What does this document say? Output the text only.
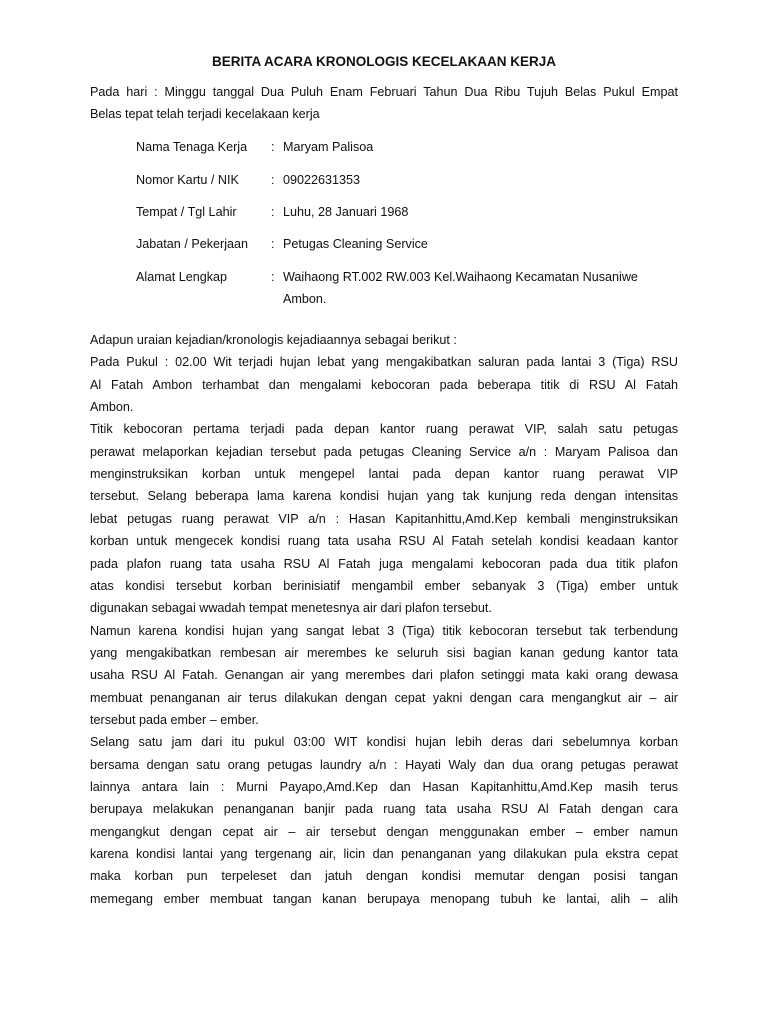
BERITA ACARA KRONOLOGIS KECELAKAAN KERJA
Pada hari : Minggu tanggal Dua Puluh Enam Februari Tahun Dua Ribu Tujuh Belas Pukul Empat
Belas tepat telah terjadi kecelakaan kerja
Nama Tenaga Kerja : Maryam Palisoa
Nomor Kartu / NIK	: 09022631353
Tempat / Tgl Lahir	: Luhu, 28 Januari 1968
Jabatan / Pekerjaan : Petugas Cleaning Service
Alamat Lengkap	: Waihaong RT.002 RW.003 Kel.Waihaong Kecamatan Nusaniwe
Ambon.
Adapun uraian kejadian/kronologis kejadiaannya sebagai berikut :
Pada Pukul : 02.00 Wit terjadi hujan lebat yang mengakibatkan saluran pada lantai 3 (Tiga) RSU
Al Fatah Ambon terhambat dan mengalami kebocoran pada beberapa titik di RSU Al Fatah
Ambon.
Titik kebocoran pertama terjadi pada depan kantor ruang perawat VIP, salah satu petugas
perawat melaporkan kejadian tersebut pada petugas Cleaning Service a/n : Maryam Palisoa dan
menginstruksikan korban untuk mengepel lantai pada depan kantor ruang perawat VIP
tersebut. Selang beberapa lama karena kondisi hujan yang tak kunjung reda dengan intensitas
lebat petugas ruang perawat VIP a/n : Hasan Kapitanhittu,Amd.Kep kembali menginstruksikan
korban untuk mengecek kondisi ruang tata usaha RSU Al Fatah setelah kondisi keadaan kantor
pada plafon ruang tata usaha RSU Al Fatah juga mengalami kebocoran pada dua titik plafon
atas kondisi tersebut korban berinisiatif mengambil ember sebanyak 3 (Tiga) ember untuk
digunakan sebagai wwadah tempat menetesnya air dari plafon tersebut.
Namun karena kondisi hujan yang sangat lebat 3 (Tiga) titik kebocoran tersebut tak terbendung
yang mengakibatkan rembesan air merembes ke seluruh sisi bagian kanan gedung kantor tata
usaha RSU Al Fatah. Genangan air yang merembes dari plafon setinggi mata kaki orang dewasa
membuat penanganan air terus dilakukan dengan cepat yakni dengan cara mengangkut air – air
tersebut pada ember – ember.
Selang satu jam dari itu pukul 03:00 WIT kondisi hujan lebih deras dari sebelumnya korban
bersama dengan satu orang petugas laundry a/n : Hayati Waly dan dua orang petugas perawat
lainnya antara lain : Murni Payapo,Amd.Kep dan Hasan Kapitanhittu,Amd.Kep masih terus
berupaya melakukan penanganan banjir pada ruang tata usaha RSU Al Fatah dengan cara
mengangkut dengan cepat air – air tersebut dengan menggunakan ember – ember namun
karena kondisi lantai yang tergenang air, licin dan penanganan yang dilakukan pula ekstra cepat
maka korban pun terpeleset dan jatuh dengan kondisi memutar dengan posisi tangan
memegang ember membuat tangan kanan berupaya menopang tubuh ke lantai, alih – alih
